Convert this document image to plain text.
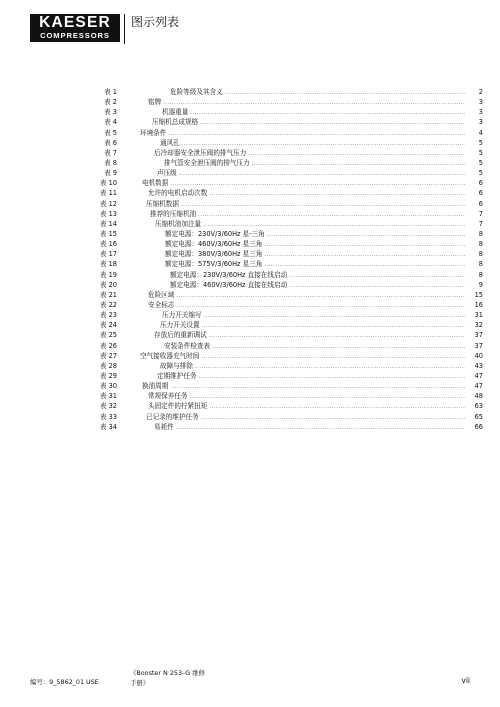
KAESER
COMPRESSORS
图示列表
表 1	危险等级及其含义 .....	2
表 2	铭牌 .....	3
表 3	机器重量 .....	3
表 4	压缩机总成规格 .....	3
表 5	环境条件 .....	4
表 6	通风孔 .....	5
表 7	后冷却器安全泄压阀的排气压力 .....	5
表 8	排气管安全泄压阀的排气压力 .....	5
表 9	声压级 .....	5
表 10	电机数据 .....	6
表 11	允许的电机启动次数 .....	6
表 12	压缩机数据 .....	6
表 13	推荐的压缩机油 .....	7
表 14	压缩机油加注量 .....	7
表 15	额定电源：230V/3/60Hz 星-三角 .....	8
表 16	额定电源：460V/3/60Hz 星三角 .....	8
表 17	额定电源：380V/3/60Hz 星三角 .....	8
表 18	额定电源：575V/3/60Hz 星三角 .....	8
表 19	额定电源：230V/3/60Hz 直接在线启动 .....	8
表 20	额定电源：460V/3/60Hz 直接在线启动 .....	9
表 21	危险区域 .....	15
表 22	安全标志 .....	16
表 23	压力开关缩写 .....	31
表 24	压力开关设置 .....	32
表 25	存放后的重新调试 .....	37
表 26	安装条件检查表 .....	37
表 27	空气接收器充气时间 .....	40
表 28	故障与排除 .....	43
表 29	定期维护任务 .....	47
表 30	换油周期 .....	47
表 31	常规保养任务 .....	48
表 32	头固定件的拧紧扭矩 .....	63
表 33	已记录的维护任务 .....	65
表 34	易耗件 .....	66
编号：9_5862_01 USE
《Booster N 253–G 维修
手册》	vii
